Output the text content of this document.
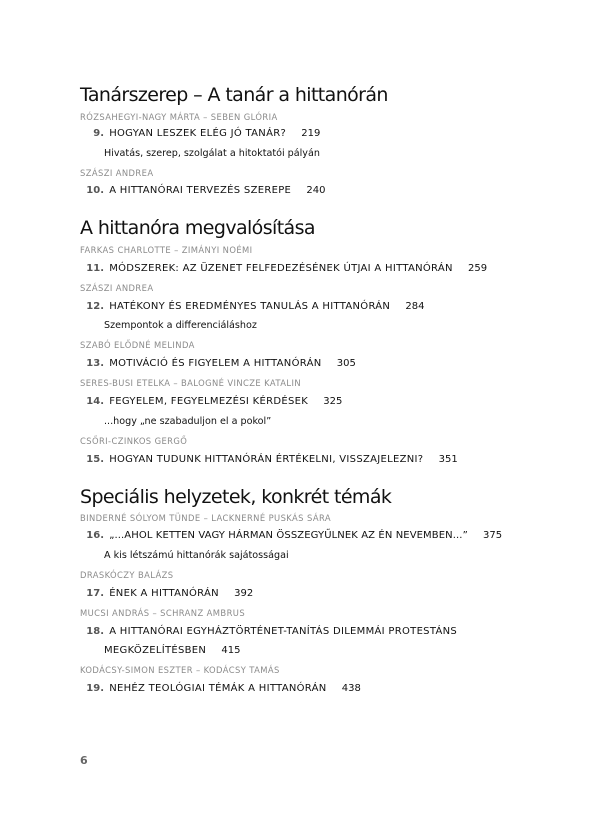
Tanárszerep – A tanár a hittanórán
RÓZSAHEGYI-NAGY MÁRTA – SEBEN GLÓRIA
9. HOGYAN LESZEK ELÉG JÓ TANÁR? 219
Hivatás, szerep, szolgálat a hitoktatói pályán
SZÁSZI ANDREA
10. A HITTANÓRAI TERVEZÉS SZEREPE 240
A hittanóra megvalósítása
FARKAS CHARLOTTE – ZIMÁNYI NOÉMI
11. MÓDSZEREK: AZ ÜZENET FELFEDEZÉSÉNEK ÚTJAI A HITTANÓRÁN 259
SZÁSZI ANDREA
12. HATÉKONY ÉS EREDMÉNYES TANULÁS A HITTANÓRÁN 284
Szempontok a differenciáláshoz
SZABÓ ELŐDNÉ MELINDA
13. MOTIVÁCIÓ ÉS FIGYELEM A HITTANÓRÁN 305
SERES-BUSI ETELKA – BALOGNÉ VINCZE KATALIN
14. FEGYELEM, FEGYELMEZÉSI KÉRDÉSEK 325
...hogy „ne szabaduljon el a pokol”
CSŐRI-CZINKOS GERGŐ
15. HOGYAN TUDUNK HITTANÓRÁN ÉRTÉKELNI, VISSZAJELEZNI? 351
Speciális helyzetek, konkrét témák
BINDERNÉ SÓLYOM TÜNDE – LACKNERNÉ PUSKÁS SÁRA
16. „...AHOL KETTEN VAGY HÁRMAN ÖSSZEGYŰLNEK AZ ÉN NEVEMBEN...” 375
A kis létszámú hittanórák sajátosságai
DRASKÓCZY BALÁZS
17. ÉNEK A HITTANÓRÁN 392
MUCSI ANDRÁS – SCHRANZ AMBRUS
18. A HITTANÓRAI EGYHÁZTÖRTÉNET-TANÍTÁS DILEMMÁI PROTESTÁNS
MEGKÖZELÍTÉSBEN 415
KODÁCSY-SIMON ESZTER – KODÁCSY TAMÁS
19. NEHÉZ TEOLÓGIAI TÉMÁK A HITTANÓRÁN 438
6
